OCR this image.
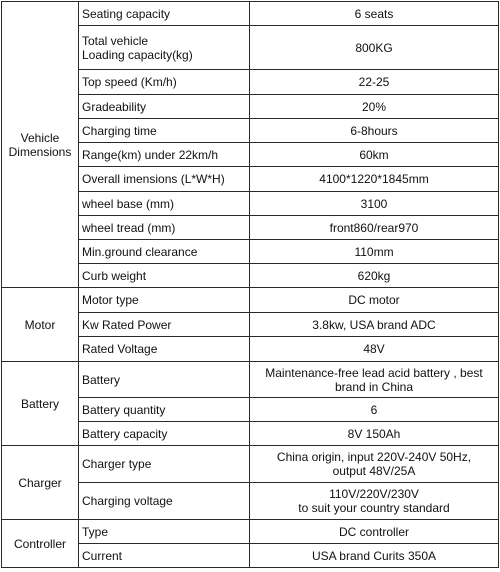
Vehicle
Dimensions	Seating capacity	6 seats

	Total vehicle
Loading capacity(kg)	800KG

	Top speed (Km/h)	22-25

	Gradeability	20%

	Charging time	6-8hours

	Range(km) under 22km/h	60km

	Overall imensions (L*W*H)	4100*1220*1845mm

	wheel base (mm)	3100

	wheel tread (mm)	front860/rear970

	Min.ground clearance	110mm

	Curb weight	620kg

Motor	Motor type	DC motor

	Kw Rated Power	3.8kw, USA brand ADC

	Rated Voltage	48V

Battery	Battery	Maintenance-free lead acid battery , best
brand in China

	Battery quantity	6

	Battery capacity	8V 150Ah

Charger	Charger type	China origin, input 220V-240V 50Hz,
output 48V/25A

	Charging voltage	110V/220V/230V
to suit your country standard

Controller	Type	DC controller

	Current	USA brand Curits 350A
